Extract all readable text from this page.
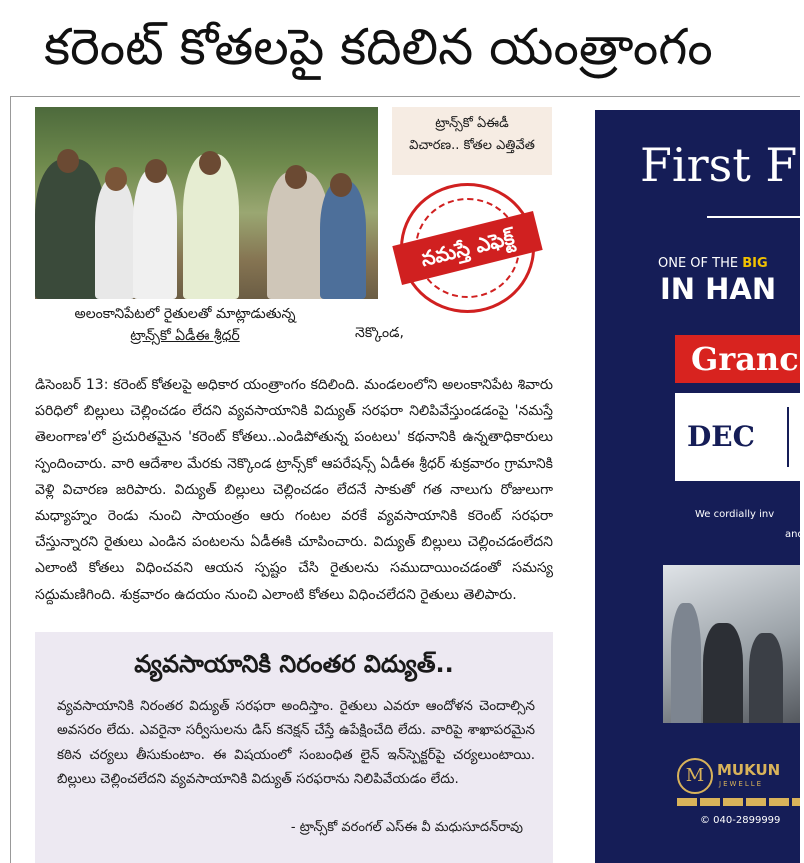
కరెంట్ కోతలపై కదిలిన యంత్రాంగం
అలంకానిపేటలో రైతులతో మాట్లాడుతున్న
ట్రాన్స్‌కో ఏడీఈ శ్రీధర్
ట్రాన్స్‌కో ఏఈడీ
విచారణ.. కోతల ఎత్తివేత
నమస్తే ఎఫెక్ట్
నెక్కొండ,
డిసెంబర్ 13: కరెంట్ కోతలపై అధికార యంత్రాంగం కదిలింది. మండలంలోని అలంకానిపేట శివారు పరిధిలో బిల్లులు చెల్లించడం లేదని వ్యవసాయానికి విద్యుత్ సరఫరా నిలిపివేస్తుండడంపై 'నమస్తే తెలంగాణ'లో ప్రచురితమైన 'కరెంట్ కోతలు..ఎండిపోతున్న పంటలు' కథనానికి ఉన్నతాధికారులు స్పందించారు. వారి ఆదేశాల మేరకు నెక్కొండ ట్రాన్స్‌కో ఆపరేషన్స్ ఏడీఈ శ్రీధర్ శుక్రవారం గ్రామానికి వెళ్లి విచారణ జరిపారు. విద్యుత్ బిల్లులు చెల్లించడం లేదనే సాకుతో గత నాలుగు రోజులుగా మధ్యాహ్నం రెండు నుంచి సాయంత్రం ఆరు గంటల వరకే వ్యవసాయానికి కరెంట్ సరఫరా చేస్తున్నారని రైతులు ఎండిన పంటలను ఏడీఈకి చూపించారు. విద్యుత్ బిల్లులు చెల్లించడంలేదని ఎలాంటి కోతలు విధించవని ఆయన స్పష్టం చేసి రైతులను సముదాయించడంతో సమస్య సద్దుమణిగింది. శుక్రవారం ఉదయం నుంచి ఎలాంటి కోతలు విధించలేదని రైతులు తెలిపారు.
వ్యవసాయానికి నిరంతర విద్యుత్..
వ్యవసాయానికి నిరంతర విద్యుత్ సరఫరా అందిస్తాం. రైతులు ఎవరూ ఆందోళన చెందాల్సిన అవసరం లేదు. ఎవరైనా సర్వీసులను డిస్ కనెక్షన్ చేస్తే ఉపేక్షించేది లేదు. వారిపై శాఖాపరమైన కఠిన చర్యలు తీసుకుంటాం. ఈ విషయంలో సంబంధిత లైన్ ఇన్‌స్పెక్టర్‌పై చర్యలుంటాయి. బిల్లులు చెల్లించలేదని వ్యవసాయానికి విద్యుత్ సరఫరాను నిలిపివేయడం లేదు.
- ట్రాన్స్‌కో వరంగల్ ఎస్ఈ వీ మధుసూదన్‌రావు
First F
ONE OF THE BIG
IN HAN
Granc
DEC
We cordially inv
and
M MUKUN
JEWELLE
© 040-2899999
